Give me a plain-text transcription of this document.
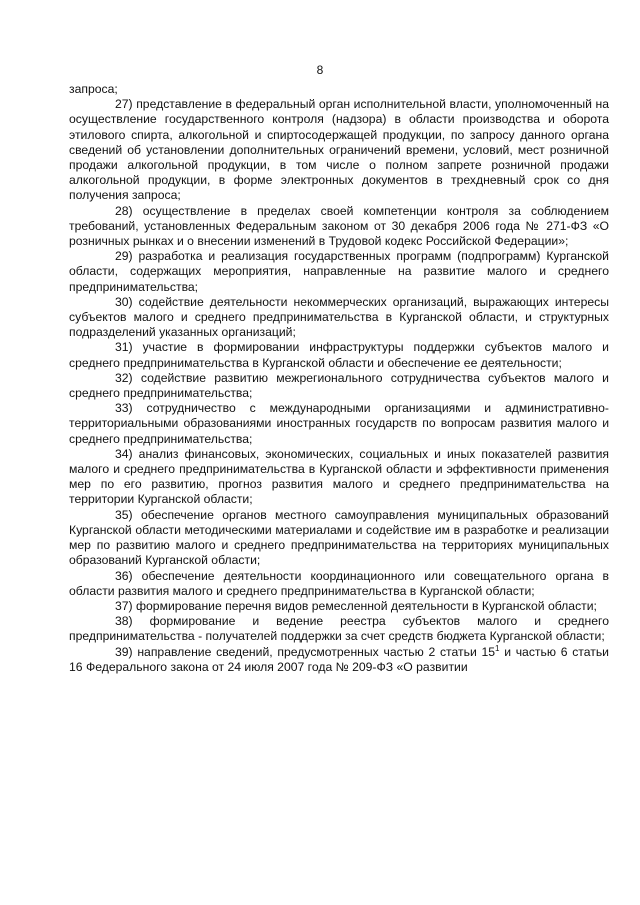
8

запроса;

27) представление в федеральный орган исполнительной власти, уполномоченный на осуществление государственного контроля (надзора) в области производства и оборота этилового спирта, алкогольной и спиртосодержащей продукции, по запросу данного органа сведений об установлении дополнительных ограничений времени, условий, мест розничной продажи алкогольной продукции, в том числе о полном запрете розничной продажи алкогольной продукции, в форме электронных документов в трехдневный срок со дня получения запроса;

28) осуществление в пределах своей компетенции контроля за соблюдением требований, установленных Федеральным законом от 30 декабря 2006 года № 271-ФЗ «О розничных рынках и о внесении изменений в Трудовой кодекс Российской Федерации»;

29) разработка и реализация государственных программ (подпрограмм) Курганской области, содержащих мероприятия, направленные на развитие малого и среднего предпринимательства;

30) содействие деятельности некоммерческих организаций, выражающих интересы субъектов малого и среднего предпринимательства в Курганской области, и структурных подразделений указанных организаций;

31) участие в формировании инфраструктуры поддержки субъектов малого и среднего предпринимательства в Курганской области и обеспечение ее деятельности;

32) содействие развитию межрегионального сотрудничества субъектов малого и среднего предпринимательства;

33) сотрудничество с международными организациями и административно-территориальными образованиями иностранных государств по вопросам развития малого и среднего предпринимательства;

34) анализ финансовых, экономических, социальных и иных показателей развития малого и среднего предпринимательства в Курганской области и эффективности применения мер по его развитию, прогноз развития малого и среднего предпринимательства на территории Курганской области;

35) обеспечение органов местного самоуправления муниципальных образований Курганской области методическими материалами и содействие им в разработке и реализации мер по развитию малого и среднего предпринимательства на территориях муниципальных образований Курганской области;

36) обеспечение деятельности координационного или совещательного органа в области развития малого и среднего предпринимательства в Курганской области;

37) формирование перечня видов ремесленной деятельности в Курганской области;

38) формирование и ведение реестра субъектов малого и среднего предпринимательства - получателей поддержки за счет средств бюджета Курганской области;

39) направление сведений, предусмотренных частью 2 статьи $15^1$ и частью 6 статьи 16 Федерального закона от 24 июля 2007 года № 209-ФЗ «О развитии
